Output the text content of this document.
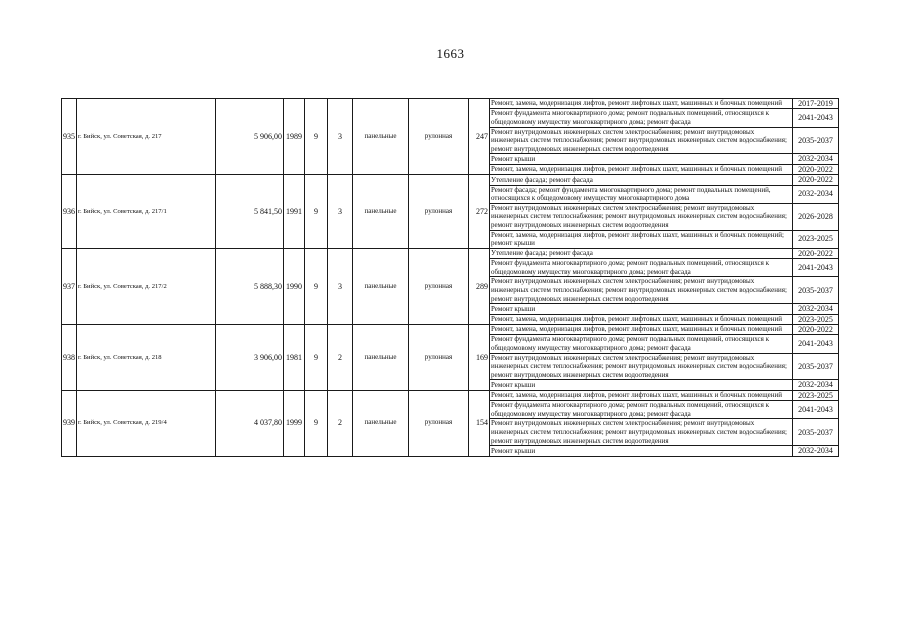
1663
935	г. Бийск, ул. Советская, д. 217	5 906,00	1989	9	3	панельные	рулонная	247	Ремонт, замена, модернизация лифтов, ремонт лифтовых шахт, машинных и блочных помещений	2017-2019
									Ремонт фундамента многоквартирного дома; ремонт подвальных помещений, относящихся к общедомовому имуществу многоквартирного дома; ремонт фасада	2041-2043
									Ремонт внутридомовых инженерных систем электроснабжения; ремонт внутридомовых инженерных систем теплоснабжения; ремонт внутридомовых инженерных систем водоснабжения; ремонт внутридомовых инженерных систем водоотведения	2035-2037
									Ремонт крыши	2032-2034
									Ремонт, замена, модернизация лифтов, ремонт лифтовых шахт, машинных и блочных помещений	2020-2022
936	г. Бийск, ул. Советская, д. 217/1	5 841,50	1991	9	3	панельные	рулонная	272	Утепление фасада; ремонт фасада	2020-2022
									Ремонт фасада; ремонт фундамента многоквартирного дома; ремонт подвальных помещений, относящихся к общедомовому имуществу многоквартирного дома	2032-2034
									Ремонт внутридомовых инженерных систем электроснабжения; ремонт внутридомовых инженерных систем теплоснабжения; ремонт внутридомовых инженерных систем водоснабжения; ремонт внутридомовых инженерных систем водоотведения	2026-2028
									Ремонт, замена, модернизация лифтов, ремонт лифтовых шахт, машинных и блочных помещений; ремонт крыши	2023-2025
937	г. Бийск, ул. Советская, д. 217/2	5 888,30	1990	9	3	панельные	рулонная	289	Утепление фасада; ремонт фасада	2020-2022
									Ремонт фундамента многоквартирного дома; ремонт подвальных помещений, относящихся к общедомовому имуществу многоквартирного дома; ремонт фасада	2041-2043
									Ремонт внутридомовых инженерных систем электроснабжения; ремонт внутридомовых инженерных систем теплоснабжения; ремонт внутридомовых инженерных систем водоснабжения; ремонт внутридомовых инженерных систем водоотведения	2035-2037
									Ремонт крыши	2032-2034
									Ремонт, замена, модернизация лифтов, ремонт лифтовых шахт, машинных и блочных помещений	2023-2025
938	г. Бийск, ул. Советская, д. 218	3 906,00	1981	9	2	панельные	рулонная	169	Ремонт, замена, модернизация лифтов, ремонт лифтовых шахт, машинных и блочных помещений	2020-2022
									Ремонт фундамента многоквартирного дома; ремонт подвальных помещений, относящихся к общедомовому имуществу многоквартирного дома; ремонт фасада	2041-2043
									Ремонт внутридомовых инженерных систем электроснабжения; ремонт внутридомовых инженерных систем теплоснабжения; ремонт внутридомовых инженерных систем водоснабжения; ремонт внутридомовых инженерных систем водоотведения	2035-2037
									Ремонт крыши	2032-2034
939	г. Бийск, ул. Советская, д. 219/4	4 037,80	1999	9	2	панельные	рулонная	154	Ремонт, замена, модернизация лифтов, ремонт лифтовых шахт, машинных и блочных помещений	2023-2025
									Ремонт фундамента многоквартирного дома; ремонт подвальных помещений, относящихся к общедомовому имуществу многоквартирного дома; ремонт фасада	2041-2043
									Ремонт внутридомовых инженерных систем электроснабжения; ремонт внутридомовых инженерных систем теплоснабжения; ремонт внутридомовых инженерных систем водоснабжения; ремонт внутридомовых инженерных систем водоотведения	2035-2037
									Ремонт крыши	2032-2034
